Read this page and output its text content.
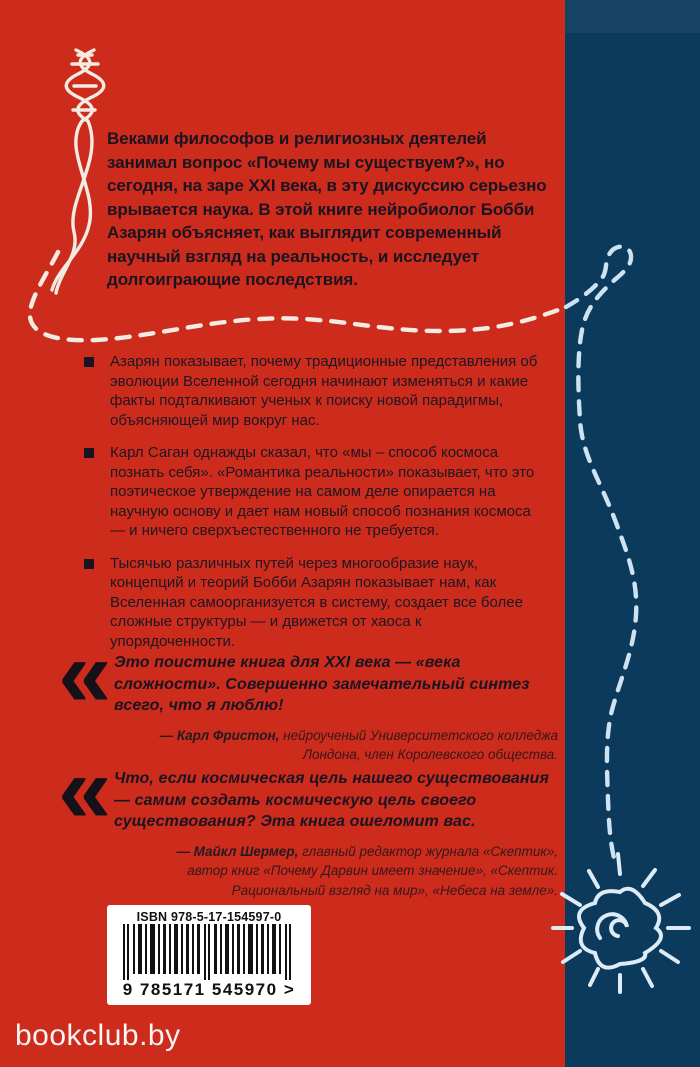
Веками философов и религиозных деятелей занимал вопрос «Почему мы существуем?», но сегодня, на заре XXI века, в эту дискуссию серьезно врывается наука. В этой книге нейробиолог Бобби Азарян объясняет, как выглядит современный научный взгляд на реальность, и исследует долгоиграющие последствия.

Азарян показывает, почему традиционные представления об эволюции Вселенной сегодня начинают изменяться и какие факты подталкивают ученых к поиску новой парадигмы, объясняющей мир вокруг нас.
Карл Саган однажды сказал, что «мы – способ космоса познать себя». «Романтика реальности» показывает, что это поэтическое утверждение на самом деле опирается на научную основу и дает нам новый способ познания космоса — и ничего сверхъестественного не требуется.
Тысячью различных путей через многообразие наук, концепций и теорий Бобби Азарян показывает нам, как Вселенная самоорганизуется в систему, создает все более сложные структуры — и движется от хаоса к упорядоченности.
« Это поистине книга для XXI века — «века сложности». Совершенно замечательный синтез всего, что я люблю!

— Карл Фристон, нейроученый Университетского колледжа Лондона, член Королевского общества.

« Что, если космическая цель нашего существования — самим создать космическую цель своего существования? Эта книга ошеломит вас.

— Майкл Шермер, главный редактор журнала «Скептик», автор книг «Почему Дарвин имеет значение», «Скептик. Рациональный взгляд на мир», «Небеса на земле».

ISBN 978-5-17-154597-0
9 785171 545970 >
bookclub.by
